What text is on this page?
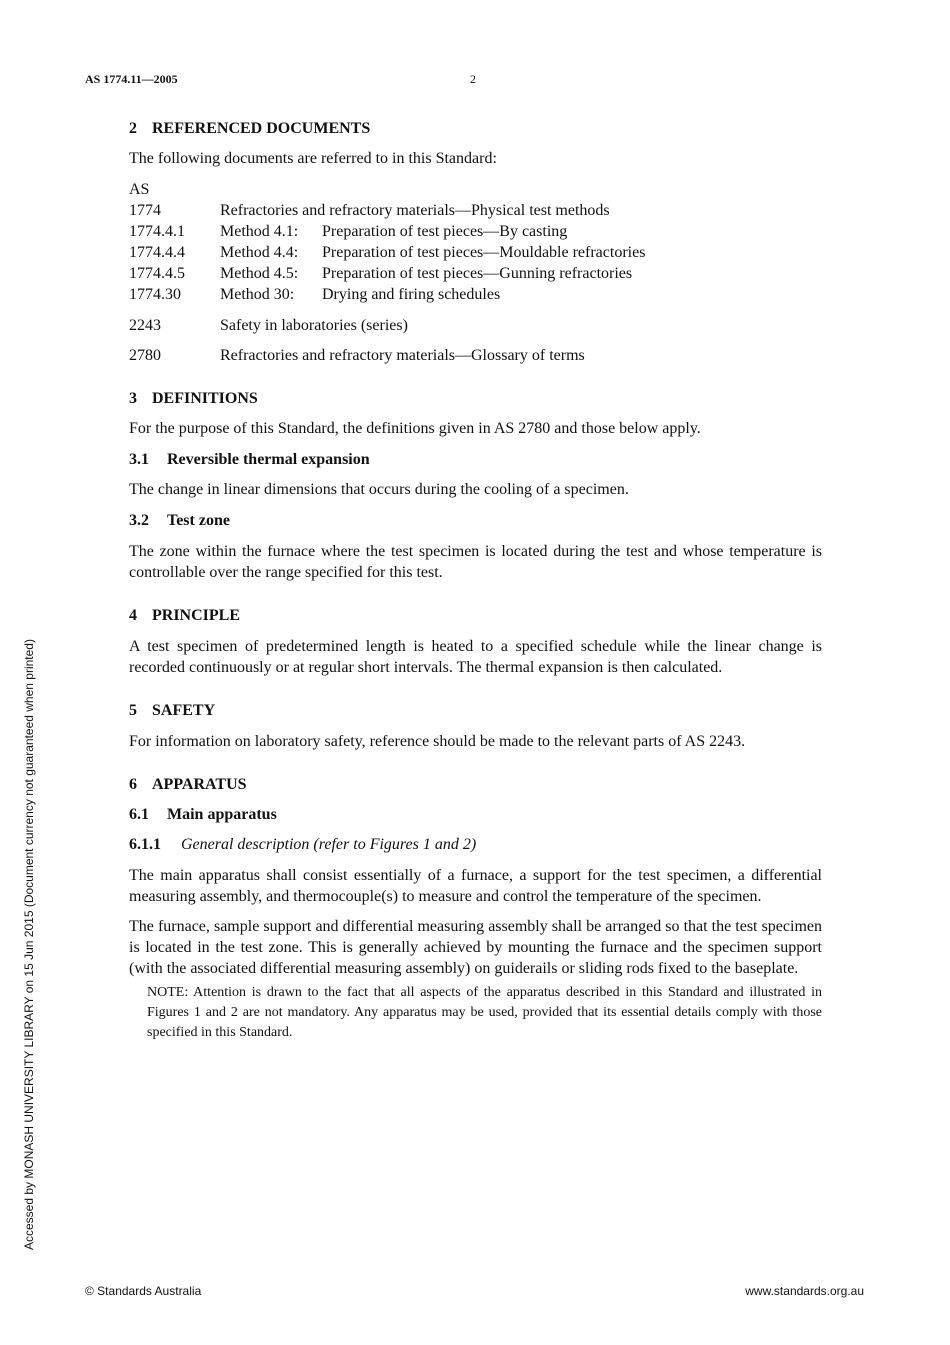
AS 1774.11—2005	2
2 REFERENCED DOCUMENTS

The following documents are referred to in this Standard:

AS
1774	Refractories and refractory materials—Physical test methods
1774.4.1	Method 4.1:	Preparation of test pieces—By casting
1774.4.4	Method 4.4:	Preparation of test pieces—Mouldable refractories
1774.4.5	Method 4.5:	Preparation of test pieces—Gunning refractories
1774.30	Method 30:	Drying and firing schedules
2243	Safety in laboratories (series)
2780	Refractories and refractory materials—Glossary of terms
3 DEFINITIONS

For the purpose of this Standard, the definitions given in AS 2780 and those below apply.

3.1 Reversible thermal expansion

The change in linear dimensions that occurs during the cooling of a specimen.

3.2 Test zone

The zone within the furnace where the test specimen is located during the test and whose temperature is controllable over the range specified for this test.

4 PRINCIPLE

A test specimen of predetermined length is heated to a specified schedule while the linear change is recorded continuously or at regular short intervals. The thermal expansion is then calculated.

5 SAFETY

For information on laboratory safety, reference should be made to the relevant parts of AS 2243.

6 APPARATUS
6.1 Main apparatus
6.1.1 General description (refer to Figures 1 and 2)

The main apparatus shall consist essentially of a furnace, a support for the test specimen, a differential measuring assembly, and thermocouple(s) to measure and control the temperature of the specimen.

The furnace, sample support and differential measuring assembly shall be arranged so that the test specimen is located in the test zone. This is generally achieved by mounting the furnace and the specimen support (with the associated differential measuring assembly) on guiderails or sliding rods fixed to the baseplate.

NOTE: Attention is drawn to the fact that all aspects of the apparatus described in this Standard and illustrated in Figures 1 and 2 are not mandatory. Any apparatus may be used, provided that its essential details comply with those specified in this Standard.
Accessed by MONASH UNIVERSITY LIBRARY on 15 Jun 2015 (Document currency not guaranteed when printed)
© Standards Australia	www.standards.org.au
